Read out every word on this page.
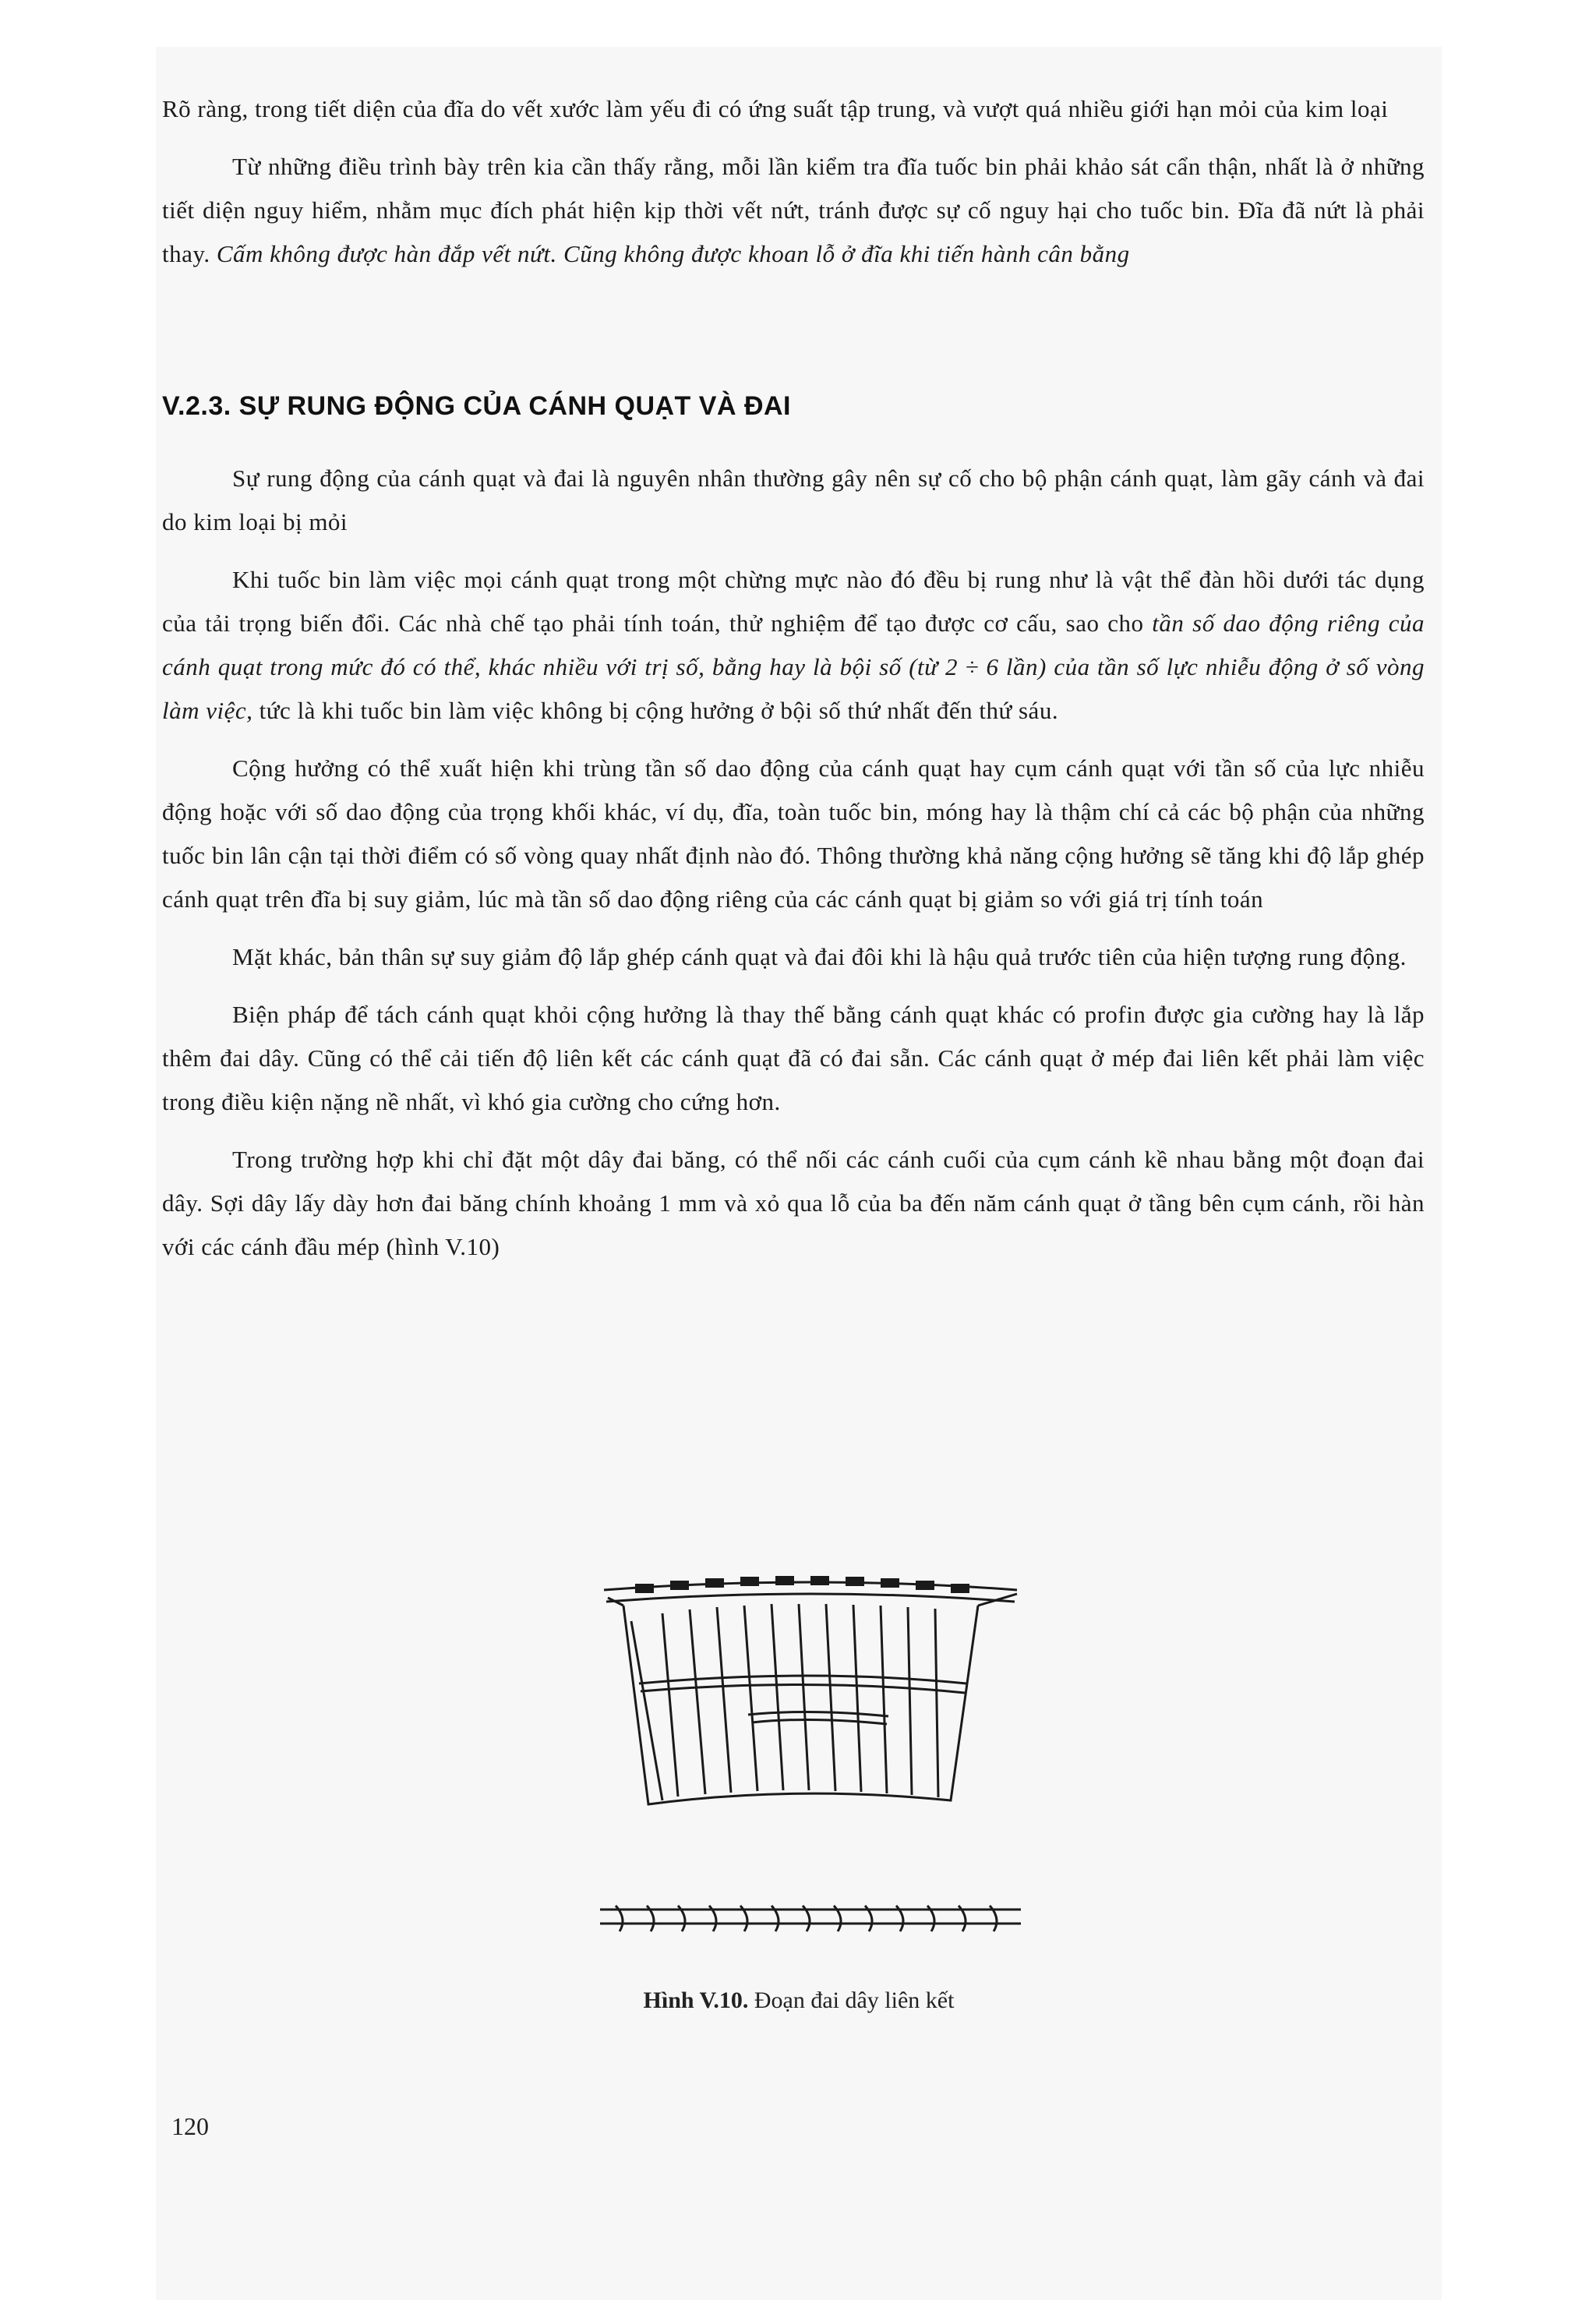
Rõ ràng, trong tiết diện của đĩa do vết xước làm yếu đi có ứng suất tập trung, và vượt quá nhiều giới hạn mỏi của kim loại

Từ những điều trình bày trên kia cần thấy rằng, mỗi lần kiểm tra đĩa tuốc bin phải khảo sát cẩn thận, nhất là ở những tiết diện nguy hiểm, nhằm mục đích phát hiện kịp thời vết nứt, tránh được sự cố nguy hại cho tuốc bin. Đĩa đã nứt là phải thay. Cấm không được hàn đắp vết nứt. Cũng không được khoan lỗ ở đĩa khi tiến hành cân bằng

V.2.3. SỰ RUNG ĐỘNG CỦA CÁNH QUẠT VÀ ĐAI

Sự rung động của cánh quạt và đai là nguyên nhân thường gây nên sự cố cho bộ phận cánh quạt, làm gãy cánh và đai do kim loại bị mỏi

Khi tuốc bin làm việc mọi cánh quạt trong một chừng mực nào đó đều bị rung như là vật thể đàn hồi dưới tác dụng của tải trọng biến đổi. Các nhà chế tạo phải tính toán, thử nghiệm để tạo được cơ cấu, sao cho tần số dao động riêng của cánh quạt trong mức đó có thể, khác nhiều với trị số, bằng hay là bội số (từ 2 ÷ 6 lần) của tần số lực nhiễu động ở số vòng làm việc, tức là khi tuốc bin làm việc không bị cộng hưởng ở bội số thứ nhất đến thứ sáu.

Cộng hưởng có thể xuất hiện khi trùng tần số dao động của cánh quạt hay cụm cánh quạt với tần số của lực nhiễu động hoặc với số dao động của trọng khối khác, ví dụ, đĩa, toàn tuốc bin, móng hay là thậm chí cả các bộ phận của những tuốc bin lân cận tại thời điểm có số vòng quay nhất định nào đó. Thông thường khả năng cộng hưởng sẽ tăng khi độ lắp ghép cánh quạt trên đĩa bị suy giảm, lúc mà tần số dao động riêng của các cánh quạt bị giảm so với giá trị tính toán

Mặt khác, bản thân sự suy giảm độ lắp ghép cánh quạt và đai đôi khi là hậu quả trước tiên của hiện tượng rung động.

Biện pháp để tách cánh quạt khỏi cộng hưởng là thay thế bằng cánh quạt khác có profin được gia cường hay là lắp thêm đai dây. Cũng có thể cải tiến độ liên kết các cánh quạt đã có đai sẵn. Các cánh quạt ở mép đai liên kết phải làm việc trong điều kiện nặng nề nhất, vì khó gia cường cho cứng hơn.

Trong trường hợp khi chỉ đặt một dây đai băng, có thể nối các cánh cuối của cụm cánh kề nhau bằng một đoạn đai dây. Sợi dây lấy dày hơn đai băng chính khoảng 1 mm và xỏ qua lỗ của ba đến năm cánh quạt ở tầng bên cụm cánh, rồi hàn với các cánh đầu mép (hình V.10)

Hình V.10. Đoạn đai dây liên kết
120
